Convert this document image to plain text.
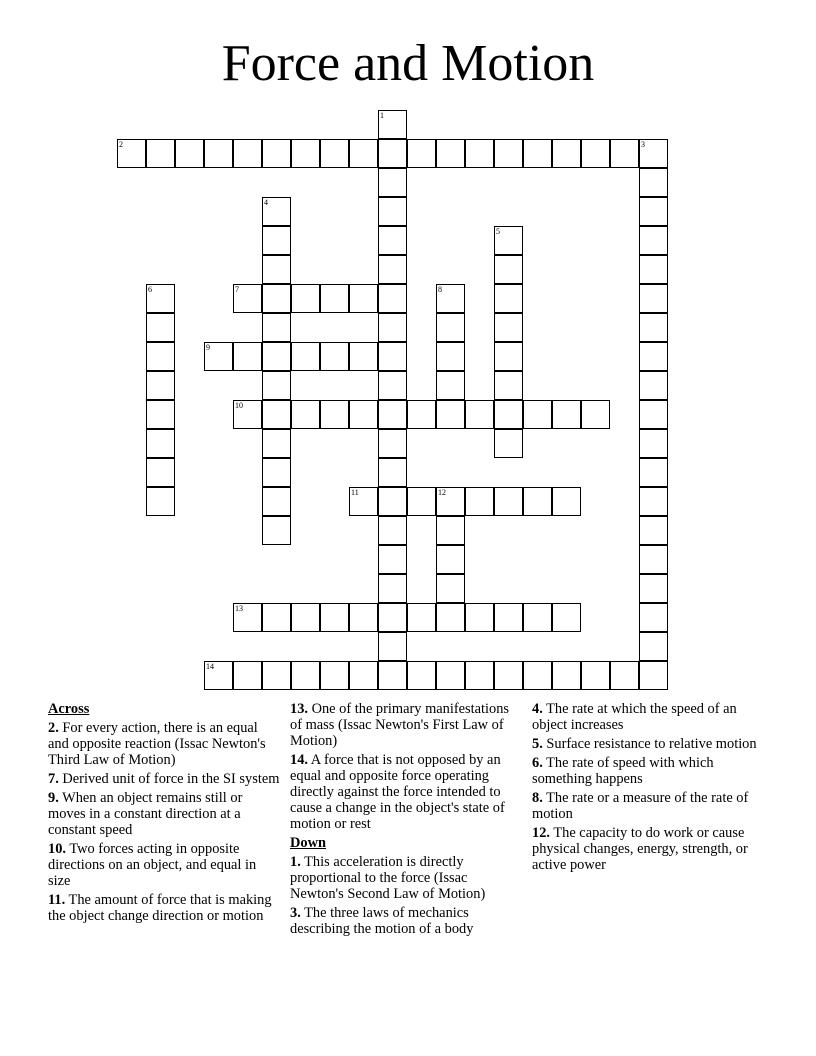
Force and Motion
1
2	3
4
5
6	7	8
9
10
11	12
13
14
Across
2. For every action, there is an equal and opposite reaction (Issac Newton's Third Law of Motion)
7. Derived unit of force in the SI system
9. When an object remains still or moves in a constant direction at a constant speed
10. Two forces acting in opposite directions on an object, and equal in size
11. The amount of force that is making the object change direction or motion
13. One of the primary manifestations of mass (Issac Newton's First Law of Motion)
14. A force that is not opposed by an equal and opposite force operating directly against the force intended to cause a change in the object's state of motion or rest
Down
1. This acceleration is directly proportional to the force (Issac Newton's Second Law of Motion)
3. The three laws of mechanics describing the motion of a body
4. The rate at which the speed of an object increases
5. Surface resistance to relative motion
6. The rate of speed with which something happens
8. The rate or a measure of the rate of motion
12. The capacity to do work or cause physical changes, energy, strength, or active power
